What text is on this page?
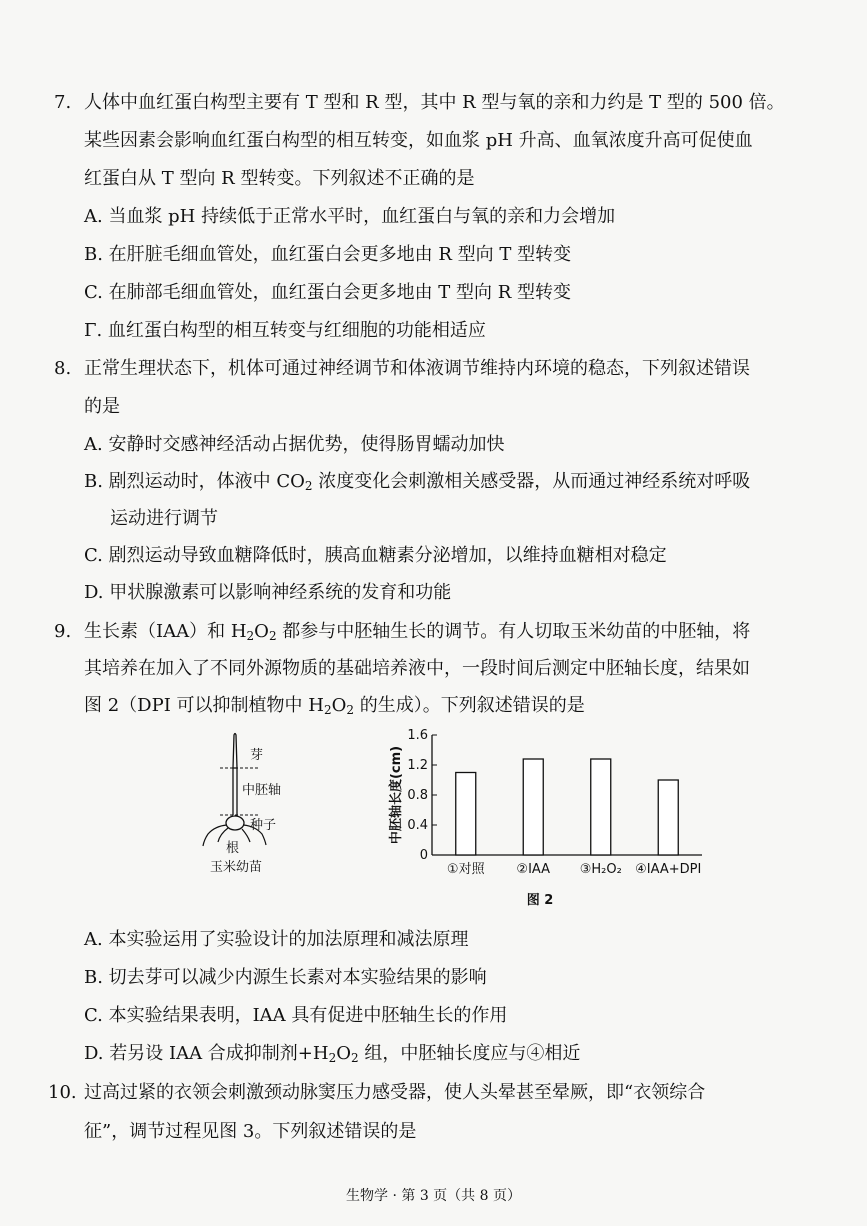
7. 人体中血红蛋白构型主要有 T 型和 R 型，其中 R 型与氧的亲和力约是 T 型的 500 倍。
某些因素会影响血红蛋白构型的相互转变，如血浆 pH 升高、血氧浓度升高可促使血
红蛋白从 T 型向 R 型转变。下列叙述不正确的是
A. 当血浆 pH 持续低于正常水平时，血红蛋白与氧的亲和力会增加
B. 在肝脏毛细血管处，血红蛋白会更多地由 R 型向 T 型转变
C. 在肺部毛细血管处，血红蛋白会更多地由 T 型向 R 型转变
Γ. 血红蛋白构型的相互转变与红细胞的功能相适应
8. 正常生理状态下，机体可通过神经调节和体液调节维持内环境的稳态，下列叙述错误
的是
A. 安静时交感神经活动占据优势，使得肠胃蠕动加快
B. 剧烈运动时，体液中 $CO_2$ 浓度变化会刺激相关感受器，从而通过神经系统对呼吸
运动进行调节
C. 剧烈运动导致血糖降低时，胰高血糖素分泌增加，以维持血糖相对稳定
D. 甲状腺激素可以影响神经系统的发育和功能
9. 生长素（IAA）和 $H_2O_2$ 都参与中胚轴生长的调节。有人切取玉米幼苗的中胚轴，将
其培养在加入了不同外源物质的基础培养液中，一段时间后测定中胚轴长度，结果如
图 2（DPI 可以抑制植物中 $H_2O_2$ 的生成）。下列叙述错误的是
芽
中胚轴
种子
根
玉米幼苗
0
0.4
0.8
1.2
1.6
中胚轴长度(cm)
①对照 ②IAA ③H₂O₂ ④IAA+DPI
图 2
A. 本实验运用了实验设计的加法原理和减法原理
B. 切去芽可以减少内源生长素对本实验结果的影响
C. 本实验结果表明，IAA 具有促进中胚轴生长的作用
D. 若另设 IAA 合成抑制剂$+H_2O_2$ 组，中胚轴长度应与④相近
10. 过高过紧的衣领会刺激颈动脉窦压力感受器，使人头晕甚至晕厥，即“衣领综合
征”，调节过程见图 3。下列叙述错误的是
生物学 · 第 3 页（共 8 页）
